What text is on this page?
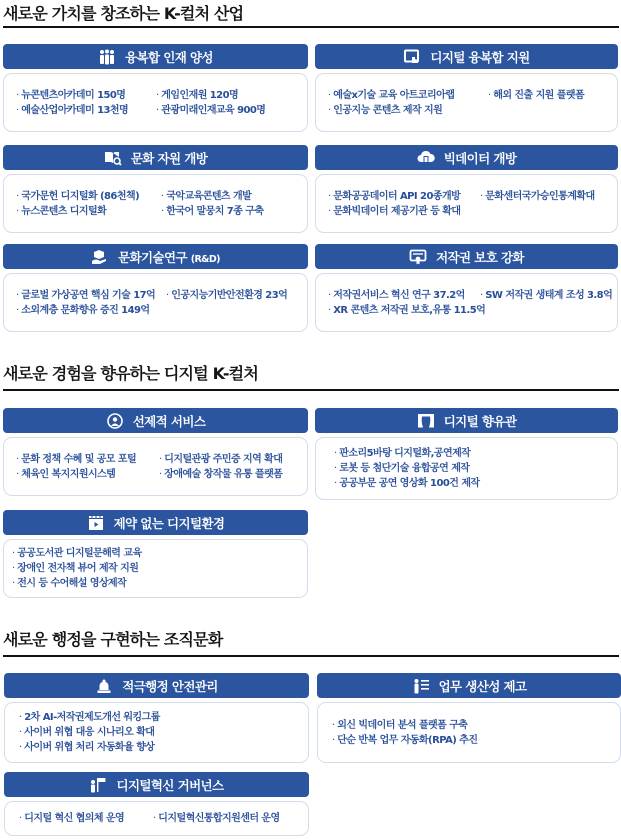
새로운 가치를 창조하는 K-컬처 산업
융복합 인재 양성
· 뉴콘텐츠아카데미 150명	· 게임인재원 120명
· 예술산업아카데미 13천명	· 관광미래인재교육 900명
디지털 융복합 지원
· 예술x기술 교육 아트코리아랩	· 해외 진출 지원 플랫폼
· 인공지능 콘텐츠 제작 지원
문화 자원 개방
· 국가문헌 디지털화 (86천책)	· 국악교육콘텐츠 개발
· 뉴스콘텐츠 디지털화	· 한국어 말뭉치 7종 구축
빅데이터 개방
· 문화공공데이터 API 20종개방	· 문화센터국가승인통계확대
· 문화빅데이터 제공기관 등 확대
문화기술연구 (R&D)
· 글로벌 가상공연 핵심 기술 17억	· 인공지능기반안전환경 23억
· 소외계층 문화향유 증진 149억
저작권 보호 강화
· 저작권서비스 혁신 연구 37.2억	· SW 저작권 생태계 조성 3.8억
· XR 콘텐츠 저작권 보호,유통 11.5억
새로운 경험을 향유하는 디지털 K-컬처
선제적 서비스
· 문화 정책 수혜 및 공모 포털	· 디지털관광 주민증 지역 확대
· 체육인 복지지원시스템	· 장애예술 창작물 유통 플랫폼
디지털 향유관
· 판소리5바탕 디지털화,공연제작
· 로봇 등 첨단기술 융합공연 제작
· 공공부문 공연 영상화 100건 제작
제약 없는 디지털환경
· 공공도서관 디지털문해력 교육
· 장애인 전자책 뷰어 제작 지원
· 전시 등 수어해설 영상제작
새로운 행정을 구현하는 조직문화
적극행정 안전관리
· 2차 AI-저작권제도개선 워킹그룹
· 사이버 위협 대응 시나리오 확대
· 사이버 위협 처리 자동화율 향상
업무 생산성 제고
· 외신 빅데이터 분석 플랫폼 구축
· 단순 반복 업무 자동화(RPA) 추진
디지털혁신 거버넌스
· 디지털 혁신 협의체 운영	· 디지털혁신통합지원센터 운영
